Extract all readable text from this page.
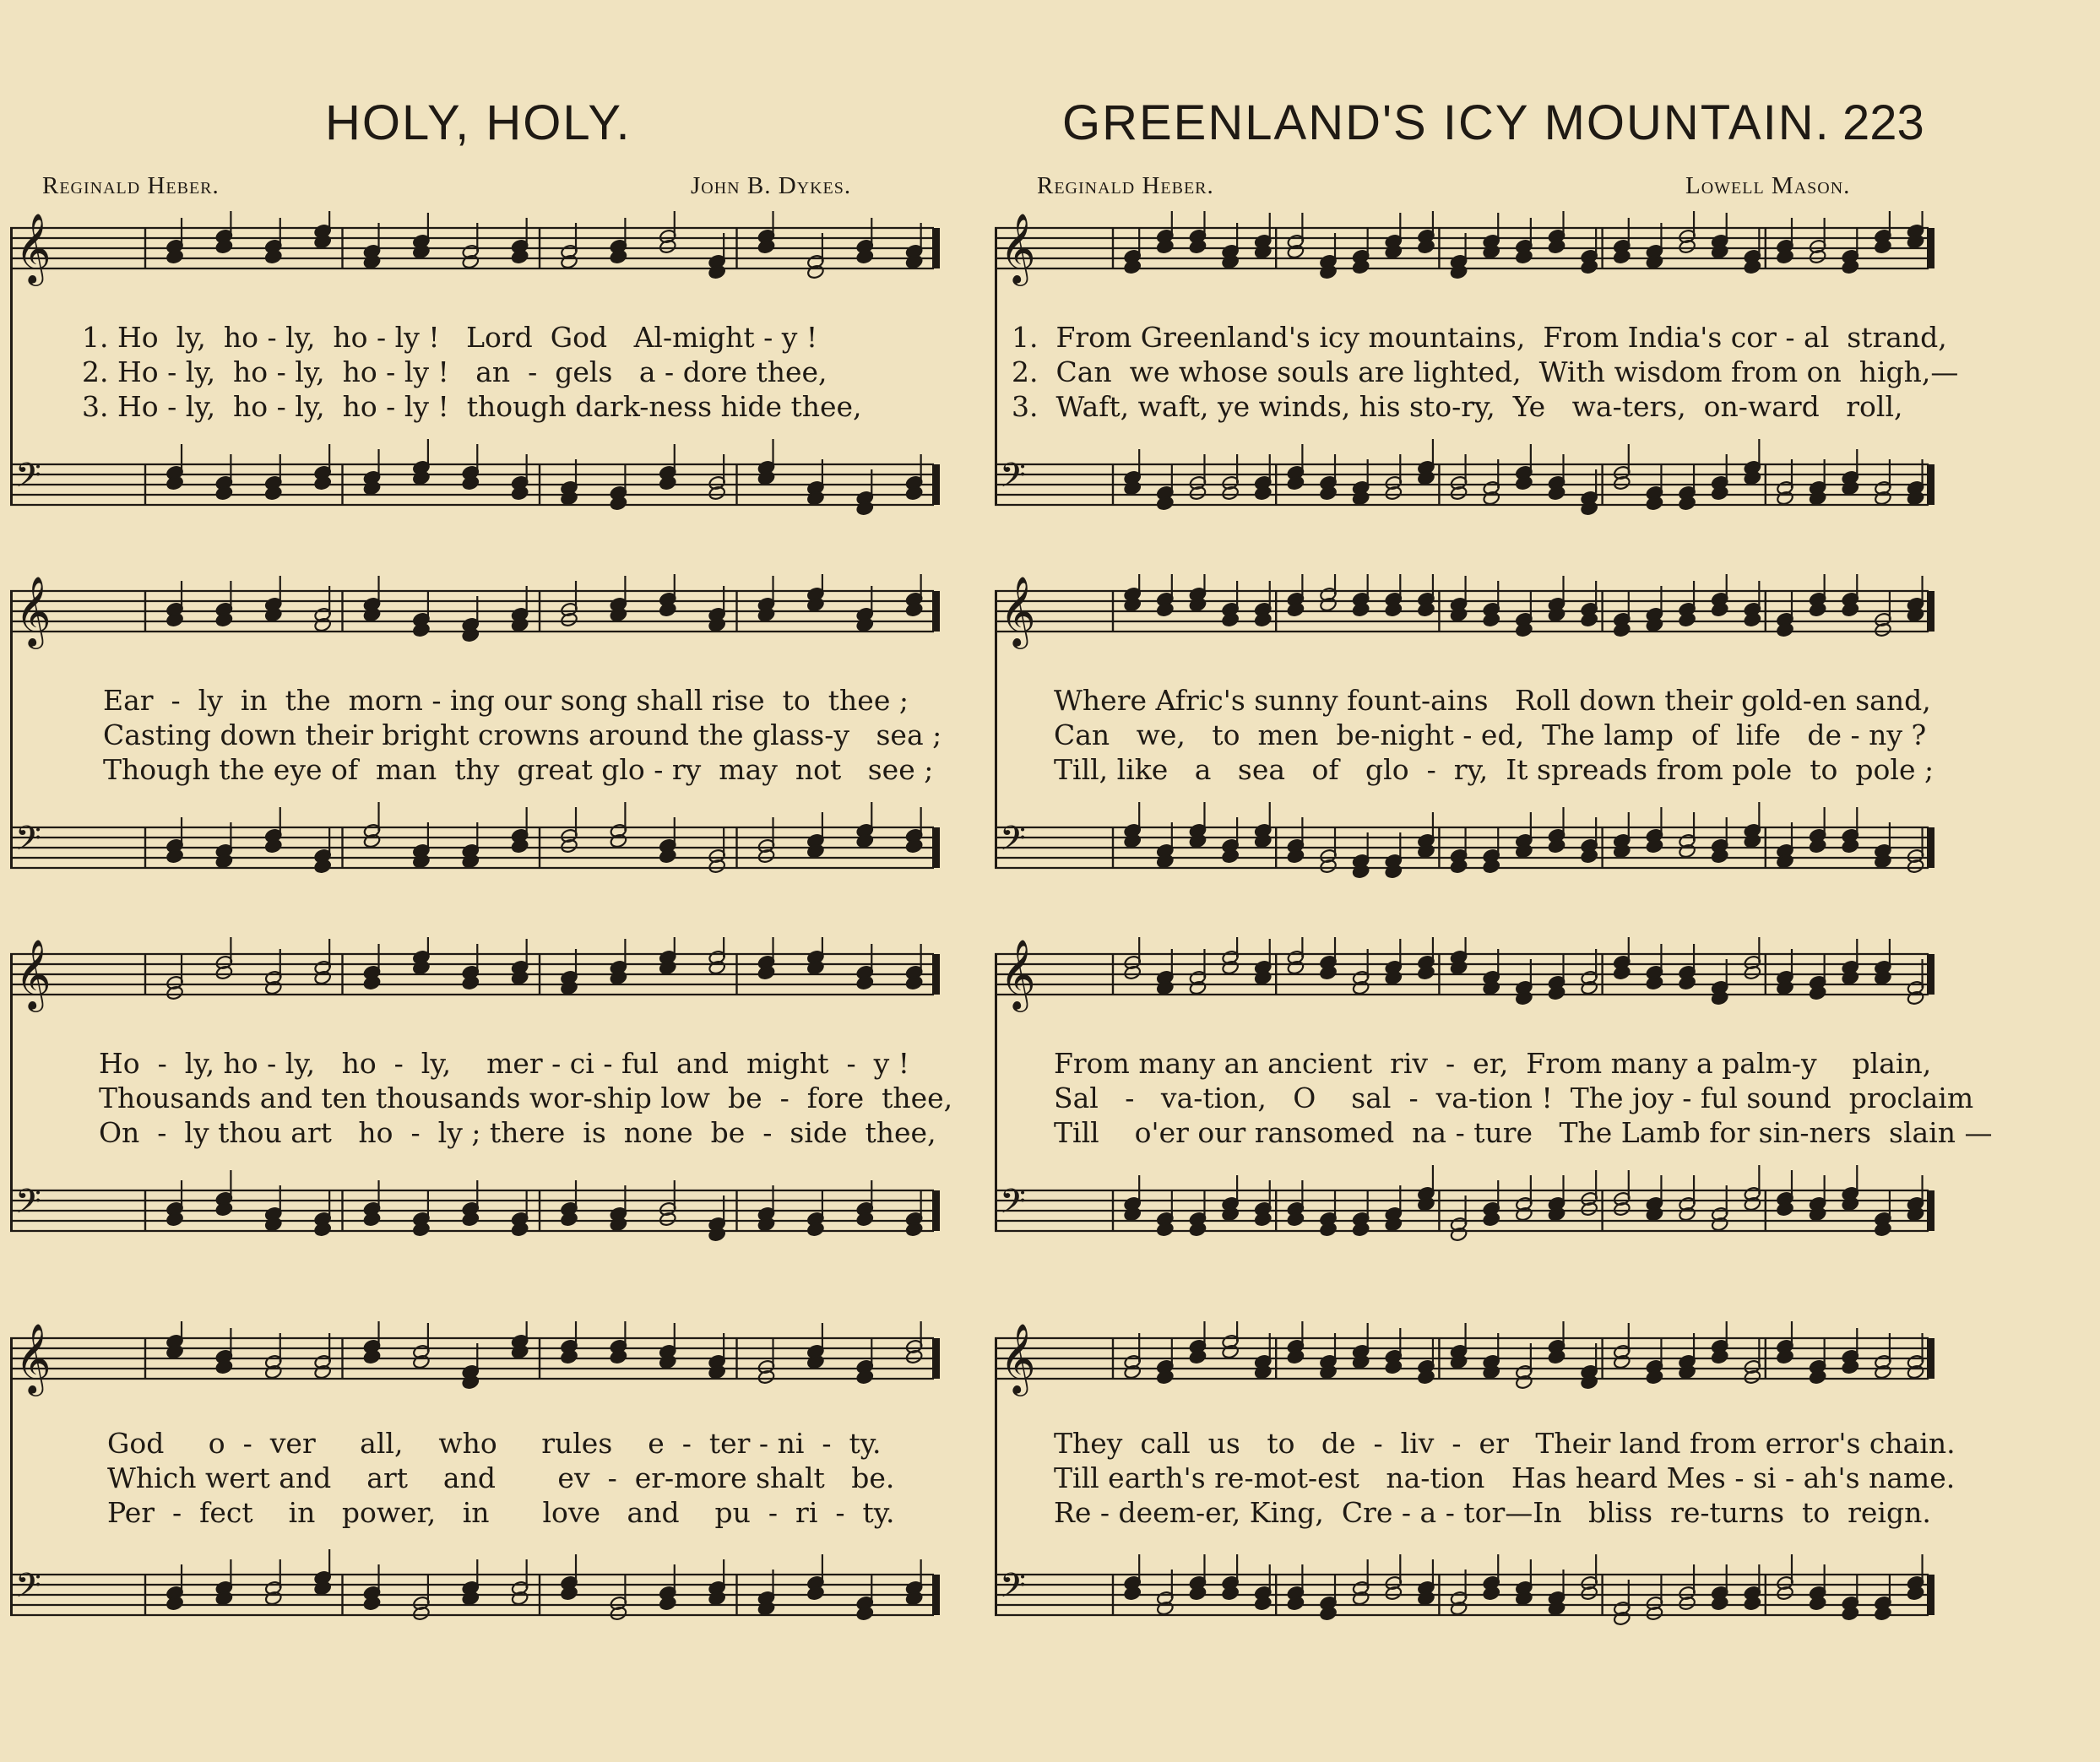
HOLY, HOLY.	GREENLAND'S ICY MOUNTAIN. 223
Reginald Heber.	John B. Dykes.	Reginald Heber.	Lowell Mason.
𝄞
𝄢
1. Ho  ly,  ho - ly,  ho - ly !   Lord  God   Al-might - y !
2. Ho - ly,  ho - ly,  ho - ly !   an  -  gels   a - dore thee,
3. Ho - ly,  ho - ly,  ho - ly !  though dark-ness hide thee,
𝄞
𝄢
Ear  -  ly  in  the  morn - ing our song shall rise  to  thee ;
Casting down their bright crowns around the glass-y   sea ;
Though the eye of  man  thy  great glo - ry  may  not   see ;
𝄞
𝄢
Ho  -  ly, ho - ly,   ho  -  ly,    mer - ci - ful  and  might  -  y !
Thousands and ten thousands wor-ship low  be  -  fore  thee,
On  -  ly thou art   ho  -  ly ; there  is  none  be  -  side  thee,
𝄞
𝄢
God     o  -  ver     all,    who     rules    e  -  ter - ni  -  ty.
Which wert and    art    and       ev  -  er-more shalt   be.
Per  -  fect    in   power,   in      love   and    pu  -  ri  -  ty.
𝄞
𝄢
1.  From Greenland's icy mountains,  From India's cor - al  strand,
2.  Can  we whose souls are lighted,  With wisdom from on  high,—
3.  Waft, waft, ye winds, his sto-ry,  Ye   wa-ters,  on-ward   roll,
𝄞
𝄢
Where Afric's sunny fount-ains   Roll down their gold-en sand,
Can   we,   to  men  be-night - ed,  The lamp  of  life   de - ny ?
Till, like   a   sea   of   glo  -  ry,  It spreads from pole  to  pole ;
𝄞
𝄢
From many an ancient  riv  -  er,  From many a palm-y    plain,
Sal   -   va-tion,   O    sal  -  va-tion !  The joy - ful sound  proclaim
Till    o'er our ransomed  na - ture   The Lamb for sin-ners  slain —
𝄞
𝄢
They  call  us   to   de  -  liv  -  er   Their land from error's chain.
Till earth's re-mot-est   na-tion   Has heard Mes - si - ah's name.
Re - deem-er, King,  Cre - a - tor—In   bliss  re-turns  to  reign.
